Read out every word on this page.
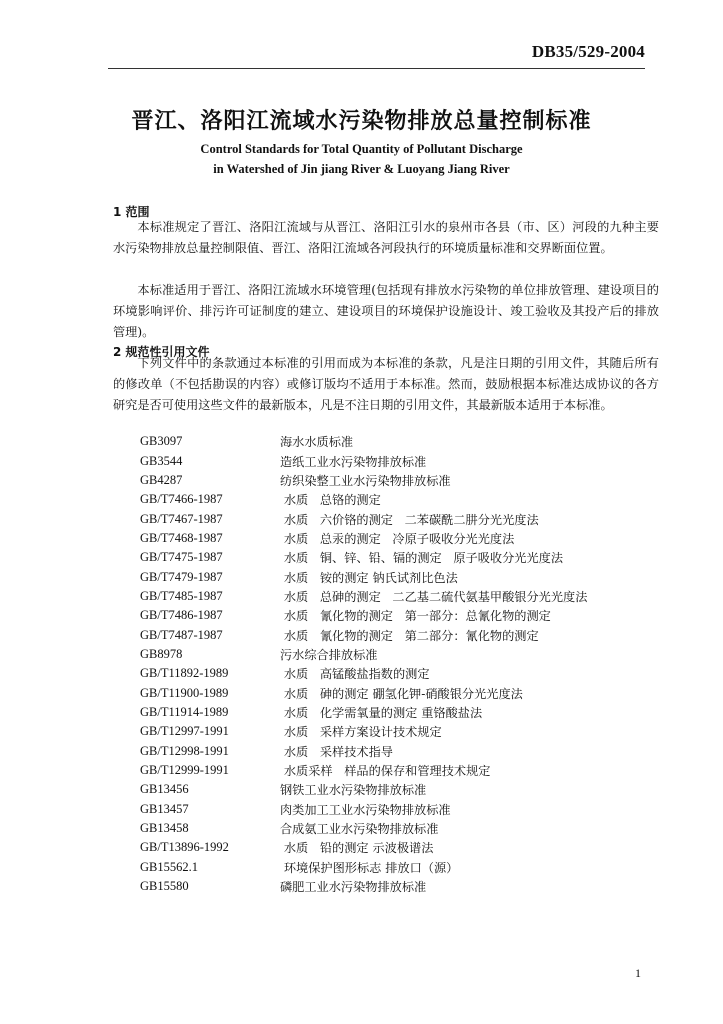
DB35/529-2004
晋江、洛阳江流域水污染物排放总量控制标准
Control Standards for Total Quantity of Pollutant Discharge
in Watershed of Jin jiang River & Luoyang Jiang River
1 范围
本标准规定了晋江、洛阳江流域与从晋江、洛阳江引水的泉州市各县（市、区）河段的九种主要水污染物排放总量控制限值、晋江、洛阳江流域各河段执行的环境质量标准和交界断面位置。
本标准适用于晋江、洛阳江流域水环境管理(包括现有排放水污染物的单位排放管理、建设项目的环境影响评价、排污许可证制度的建立、建设项目的环境保护设施设计、竣工验收及其投产后的排放管理)。
2 规范性引用文件
下列文件中的条款通过本标准的引用而成为本标准的条款，凡是注日期的引用文件，其随后所有的修改单（不包括勘误的内容）或修订版均不适用于本标准。然而，鼓励根据本标准达成协议的各方研究是否可使用这些文件的最新版本，凡是不注日期的引用文件，其最新版本适用于本标准。
GB3097	海水水质标准
GB3544	造纸工业水污染物排放标准
GB4287	纺织染整工业水污染物排放标准
GB/T7466-1987	水质   总铬的测定
GB/T7467-1987	水质   六价铬的测定   二苯碳酰二肼分光光度法
GB/T7468-1987	水质   总汞的测定   冷原子吸收分光光度法
GB/T7475-1987	水质   铜、锌、铅、镉的测定   原子吸收分光光度法
GB/T7479-1987	水质   铵的测定 钠氏试剂比色法
GB/T7485-1987	水质   总砷的测定   二乙基二硫代氨基甲酸银分光光度法
GB/T7486-1987	水质   氰化物的测定   第一部分：总氰化物的测定
GB/T7487-1987	水质   氰化物的测定   第二部分：氰化物的测定
GB8978	污水综合排放标准
GB/T11892-1989	水质   高锰酸盐指数的测定
GB/T11900-1989	水质   砷的测定 硼氢化钾-硝酸银分光光度法
GB/T11914-1989	水质   化学需氧量的测定 重铬酸盐法
GB/T12997-1991	水质   采样方案设计技术规定
GB/T12998-1991	水质   采样技术指导
GB/T12999-1991	水质采样   样品的保存和管理技术规定
GB13456	钢铁工业水污染物排放标准
GB13457	肉类加工工业水污染物排放标准
GB13458	合成氨工业水污染物排放标准
GB/T13896-1992	水质   铅的测定 示波极谱法
GB15562.1	环境保护图形标志 排放口（源）
GB15580	磷肥工业水污染物排放标准
1
